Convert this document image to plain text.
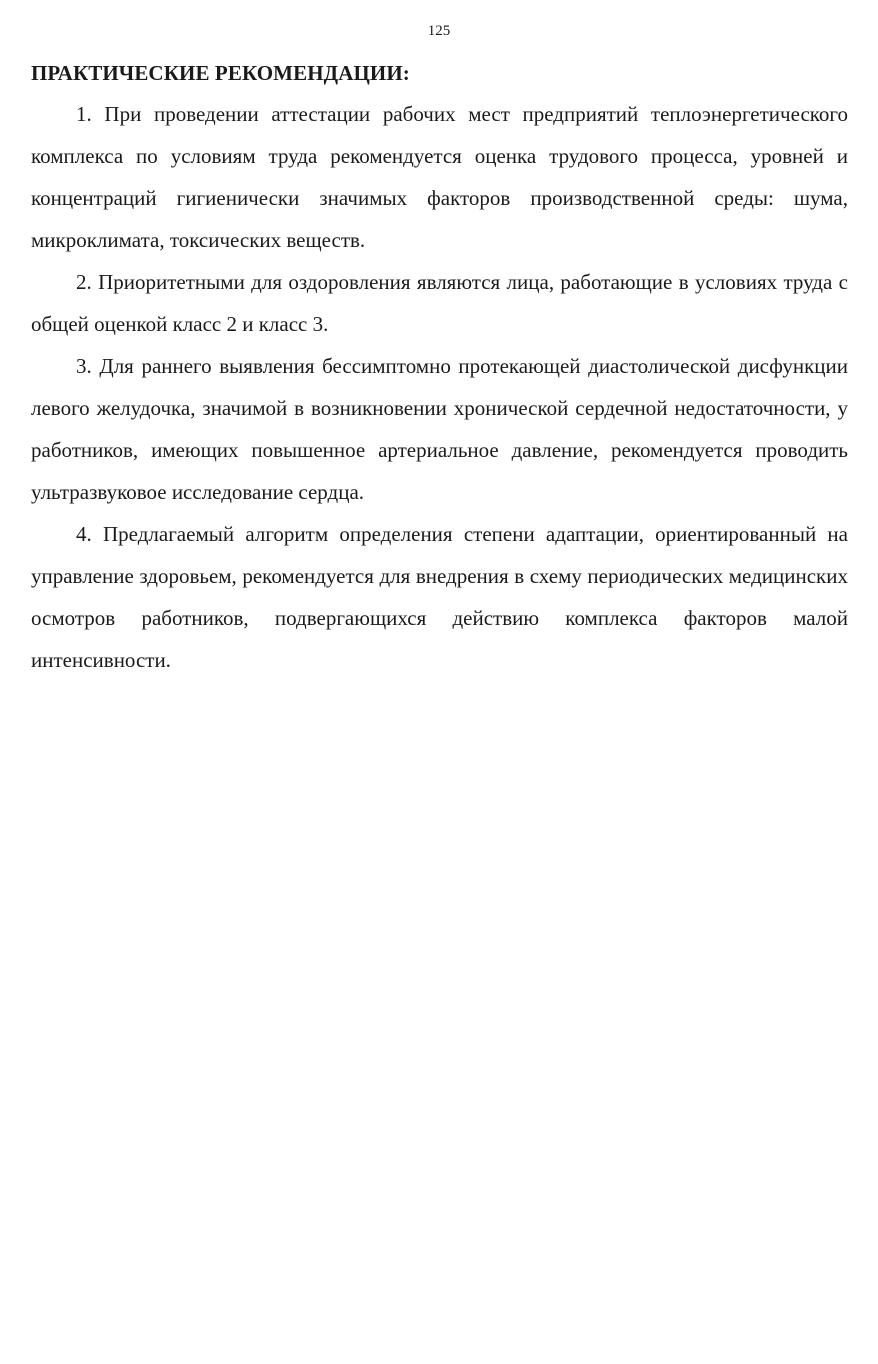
125
ПРАКТИЧЕСКИЕ РЕКОМЕНДАЦИИ:

1. При проведении аттестации рабочих мест предприятий теплоэнергетического комплекса по условиям труда рекомендуется оценка трудового процесса, уровней и концентраций гигиенически значимых факторов производственной среды: шума, микроклимата, токсических веществ.

2. Приоритетными для оздоровления являются лица, работающие в условиях труда с общей оценкой класс 2 и класс 3.

3. Для раннего выявления бессимптомно протекающей диастолической дисфункции левого желудочка, значимой в возникновении хронической сердечной недостаточности, у работников, имеющих повышенное артериальное давление, рекомендуется проводить ультразвуковое исследование сердца.

4. Предлагаемый алгоритм определения степени адаптации, ориентированный на управление здоровьем, рекомендуется для внедрения в схему периодических медицинских осмотров работников, подвергающихся действию комплекса факторов малой интенсивности.
